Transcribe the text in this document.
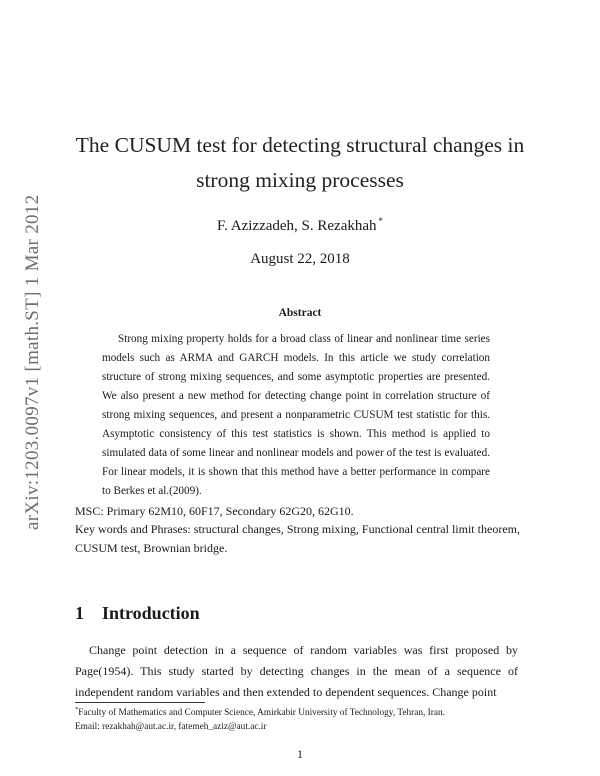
arXiv:1203.0097v1 [math.ST] 1 Mar 2012
The CUSUM test for detecting structural changes in
strong mixing processes
F. Azizzadeh, S. Rezakhah *
August 22, 2018
Abstract
Strong mixing property holds for a broad class of linear and nonlinear time series models such as ARMA and GARCH models. In this article we study correlation structure of strong mixing sequences, and some asymptotic properties are presented. We also present a new method for detecting change point in correlation structure of strong mixing sequences, and present a nonparametric CUSUM test statistic for this. Asymptotic consistency of this test statistics is shown. This method is applied to simulated data of some linear and nonlinear models and power of the test is evaluated. For linear models, it is shown that this method have a better performance in compare to Berkes et al.(2009).
MSC: Primary 62M10, 60F17, Secondary 62G20, 62G10.
Key words and Phrases: structural changes, Strong mixing, Functional central limit theorem, CUSUM test, Brownian bridge.
1 Introduction
Change point detection in a sequence of random variables was first proposed by Page(1954). This study started by detecting changes in the mean of a sequence of independent random variables and then extended to dependent sequences. Change point
*Faculty of Mathematics and Computer Science, Amirkabir University of Technology, Tehran, Iran.
Email: rezakhah@aut.ac.ir, fatemeh_aziz@aut.ac.ir
1
